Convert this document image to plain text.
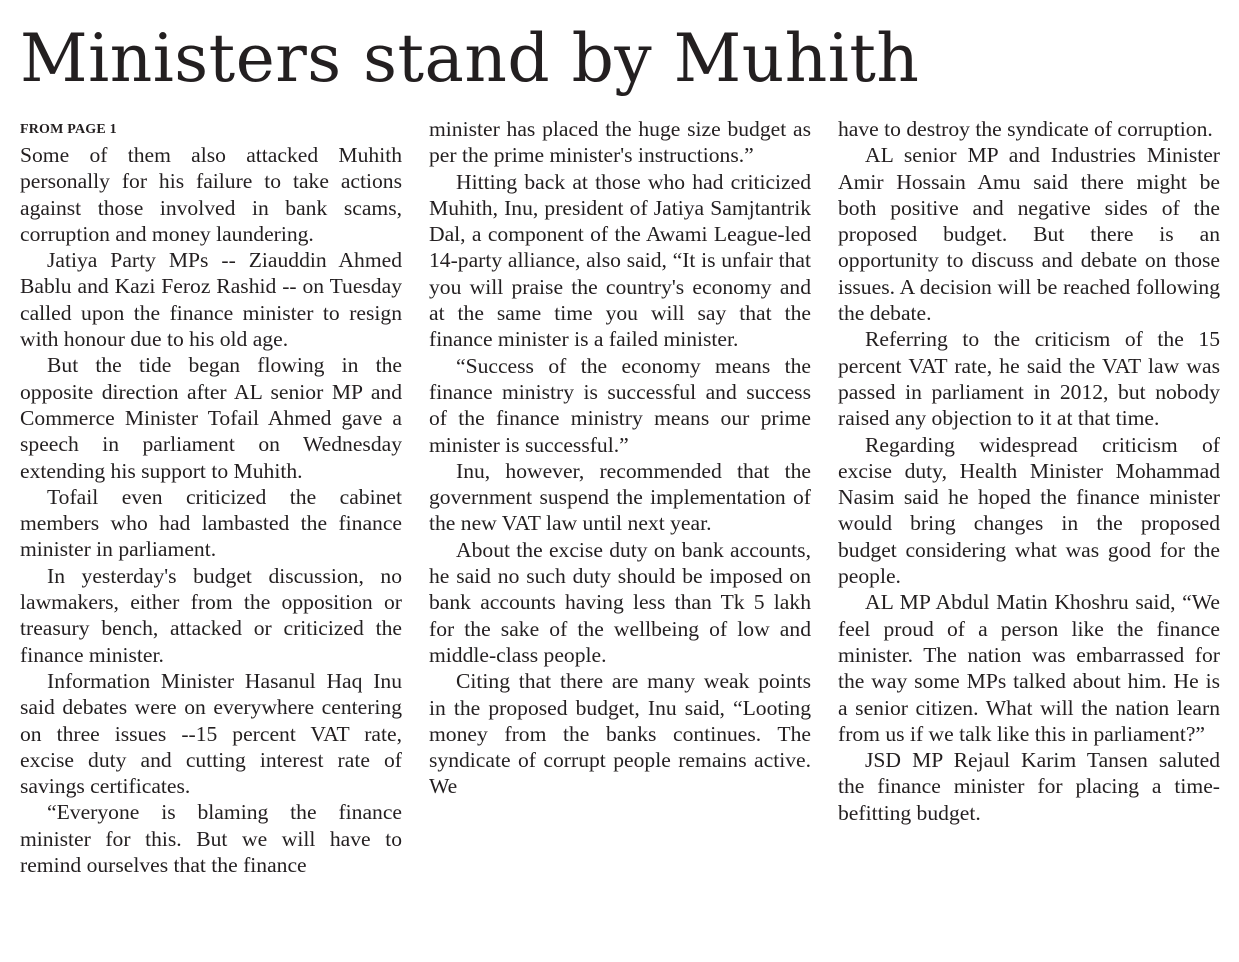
Ministers stand by Muhith
FROM PAGE 1

Some of them also attacked Muhith personally for his failure to take actions against those involved in bank scams, corruption and money laundering.

Jatiya Party MPs -- Ziauddin Ahmed Bablu and Kazi Feroz Rashid -- on Tuesday called upon the finance minister to resign with honour due to his old age.

But the tide began flowing in the opposite direction after AL senior MP and Commerce Minister Tofail Ahmed gave a speech in parliament on Wednesday extending his support to Muhith.

Tofail even criticized the cabinet members who had lambasted the finance minister in parliament.

In yesterday's budget discussion, no lawmakers, either from the opposition or treasury bench, attacked or criticized the finance minister.

Information Minister Hasanul Haq Inu said debates were on everywhere centering on three issues --15 percent VAT rate, excise duty and cutting interest rate of savings certificates.

“Everyone is blaming the finance minister for this. But we will have to remind ourselves that the finance

minister has placed the huge size budget as per the prime minister's instructions.”

Hitting back at those who had criticized Muhith, Inu, president of Jatiya Samjtantrik Dal, a component of the Awami League-led 14-party alliance, also said, “It is unfair that you will praise the country's economy and at the same time you will say that the finance minister is a failed minister.

“Success of the economy means the finance ministry is successful and success of the finance ministry means our prime minister is successful.”

Inu, however, recommended that the government suspend the implementation of the new VAT law until next year.

About the excise duty on bank accounts, he said no such duty should be imposed on bank accounts having less than Tk 5 lakh for the sake of the wellbeing of low and middle-class people.

Citing that there are many weak points in the proposed budget, Inu said, “Looting money from the banks continues. The syndicate of corrupt people remains active. We

have to destroy the syndicate of corruption.

AL senior MP and Industries Minister Amir Hossain Amu said there might be both positive and negative sides of the proposed budget. But there is an opportunity to discuss and debate on those issues. A decision will be reached following the debate.

Referring to the criticism of the 15 percent VAT rate, he said the VAT law was passed in parliament in 2012, but nobody raised any objection to it at that time.

Regarding widespread criticism of excise duty, Health Minister Mohammad Nasim said he hoped the finance minister would bring changes in the proposed budget considering what was good for the people.

AL MP Abdul Matin Khoshru said, “We feel proud of a person like the finance minister. The nation was embarrassed for the way some MPs talked about him. He is a senior citizen. What will the nation learn from us if we talk like this in parliament?”

JSD MP Rejaul Karim Tansen saluted the finance minister for placing a time-befitting budget.
